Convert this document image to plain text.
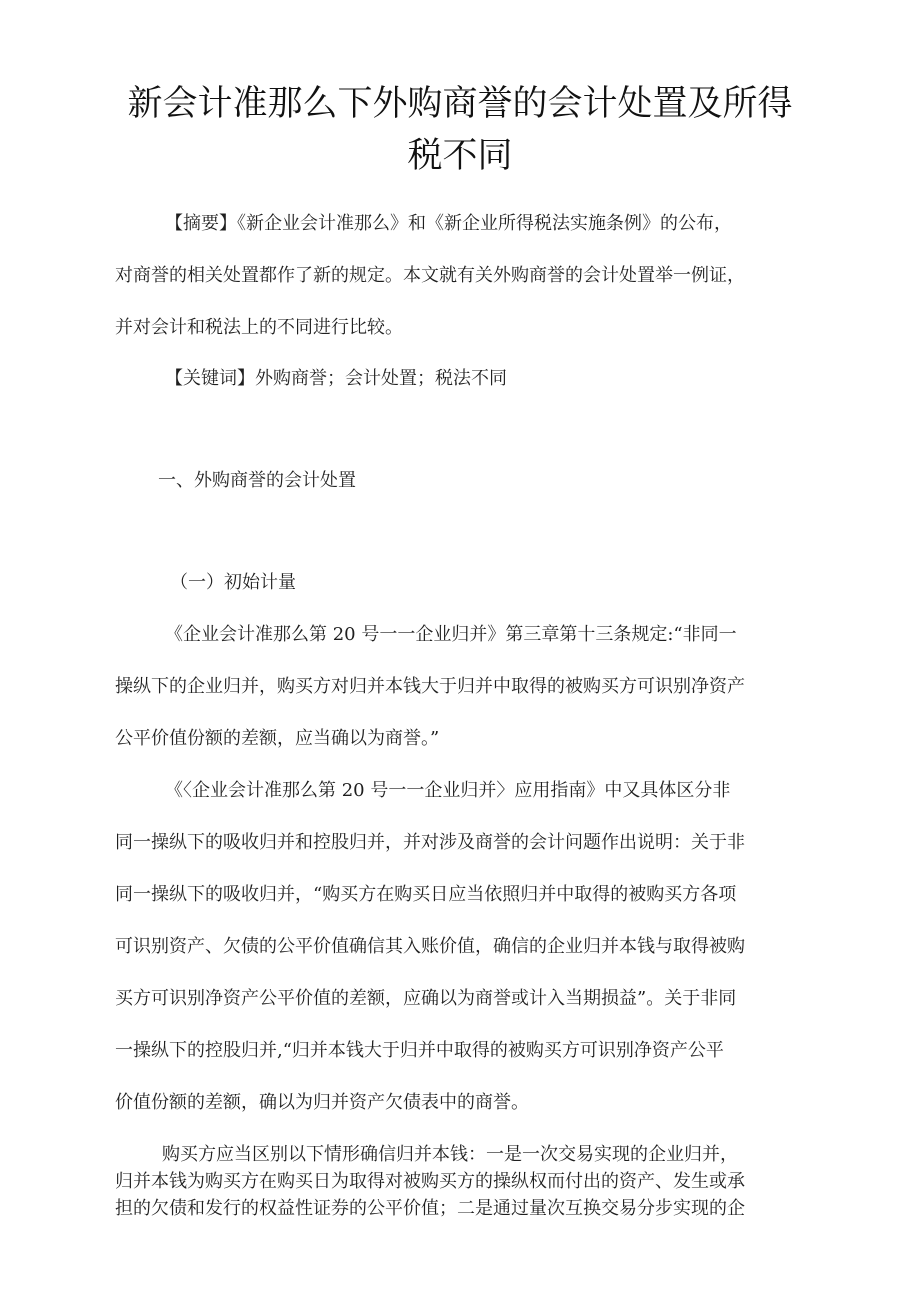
新会计准那么下外购商誉的会计处置及所得
税不同
【摘要】《新企业会计准那么》和《新企业所得税法实施条例》的公布，
对商誉的相关处置都作了新的规定。本文就有关外购商誉的会计处置举一例证，
并对会计和税法上的不同进行比较。
【关键词】外购商誉；会计处置；税法不同
一、外购商誉的会计处置
（一）初始计量
《企业会计准那么第 20 号一一企业归并》第三章第十三条规定:“非同一
操纵下的企业归并，购买方对归并本钱大于归并中取得的被购买方可识别净资产
公平价值份额的差额，应当确以为商誉。”
《〈企业会计准那么第 20 号一一企业归并〉应用指南》中又具体区分非
同一操纵下的吸收归并和控股归并，并对涉及商誉的会计问题作出说明：关于非
同一操纵下的吸收归并，“购买方在购买日应当依照归并中取得的被购买方各项
可识别资产、欠债的公平价值确信其入账价值，确信的企业归并本钱与取得被购
买方可识别净资产公平价值的差额，应确以为商誉或计入当期损益”。关于非同
一操纵下的控股归并,“归并本钱大于归并中取得的被购买方可识别净资产公平
价值份额的差额，确以为归并资产欠债表中的商誉。
购买方应当区别以下情形确信归并本钱：一是一次交易实现的企业归并，
归并本钱为购买方在购买日为取得对被购买方的操纵权而付出的资产、发生或承
担的欠债和发行的权益性证券的公平价值；二是通过量次互换交易分步实现的企
